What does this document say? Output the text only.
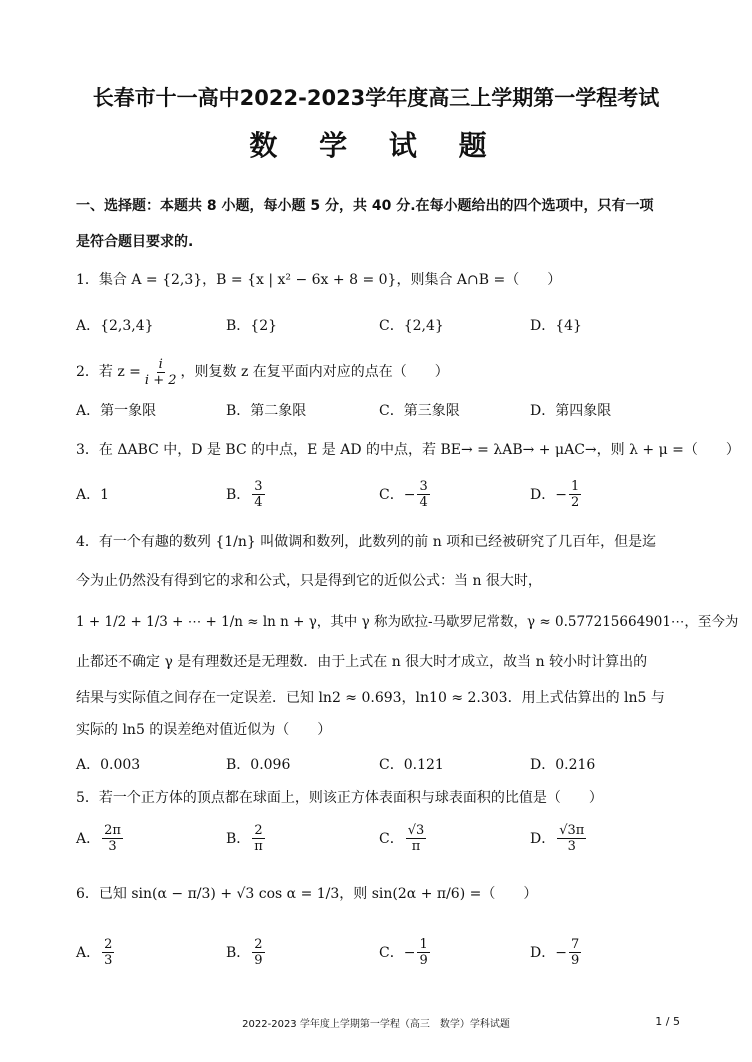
长春市十一高中2022-2023学年度高三上学期第一学程考试
数 学 试 题
一、选择题：本题共 8 小题，每小题 5 分，共 40 分.在每小题给出的四个选项中，只有一项
是符合题目要求的.
1．集合 A = {2,3}，B = {x | x² − 6x + 8 = 0}，则集合 A∩B =（　　）
A．{2,3,4}	B．{2}	C．{2,4}	D．{4}
2．若 $z = \frac{i}{i + 2}$ ，则复数 z 在复平面内对应的点在（　　）
A．第一象限	B．第二象限	C．第三象限	D．第四象限
3．在 ΔABC 中，D 是 BC 的中点，E 是 AD 的中点，若 BE→ = λAB→ + μAC→，则 λ + μ =（　　）
A．1	B． $\frac{3}{4}$	C．− $\frac{3}{4}$	D．− $\frac{1}{2}$
4．有一个有趣的数列 {1/n} 叫做调和数列，此数列的前 n 项和已经被研究了几百年，但是迄
今为止仍然没有得到它的求和公式，只是得到它的近似公式：当 n 很大时，
1 + 1/2 + 1/3 + ⋯ + 1/n ≈ ln n + γ，其中 γ 称为欧拉-马歇罗尼常数，γ ≈ 0.577215664901⋯，至今为
止都还不确定 γ 是有理数还是无理数．由于上式在 n 很大时才成立，故当 n 较小时计算出的
结果与实际值之间存在一定误差．已知 ln2 ≈ 0.693，ln10 ≈ 2.303．用上式估算出的 ln5 与
实际的 ln5 的误差绝对值近似为（　　）
A．0.003	B．0.096	C．0.121	D．0.216
5．若一个正方体的顶点都在球面上，则该正方体表面积与球表面积的比值是（　　）
A． $\frac{2\pi}{3}$	B． $\frac{2}{\pi}$	C． $\frac{√3}{\pi}$	D． $\frac{√3\pi}{3}$
6．已知 sin(α − π/3) + √3 cos α = 1/3，则 sin(2α + π/6) =（　　）
A． $\frac{2}{3}$	B． $\frac{2}{9}$	C．− $\frac{1}{9}$	D．− $\frac{7}{9}$
2022-2023 学年度上学期第一学程（高三　数学）学科试题	1 / 5
